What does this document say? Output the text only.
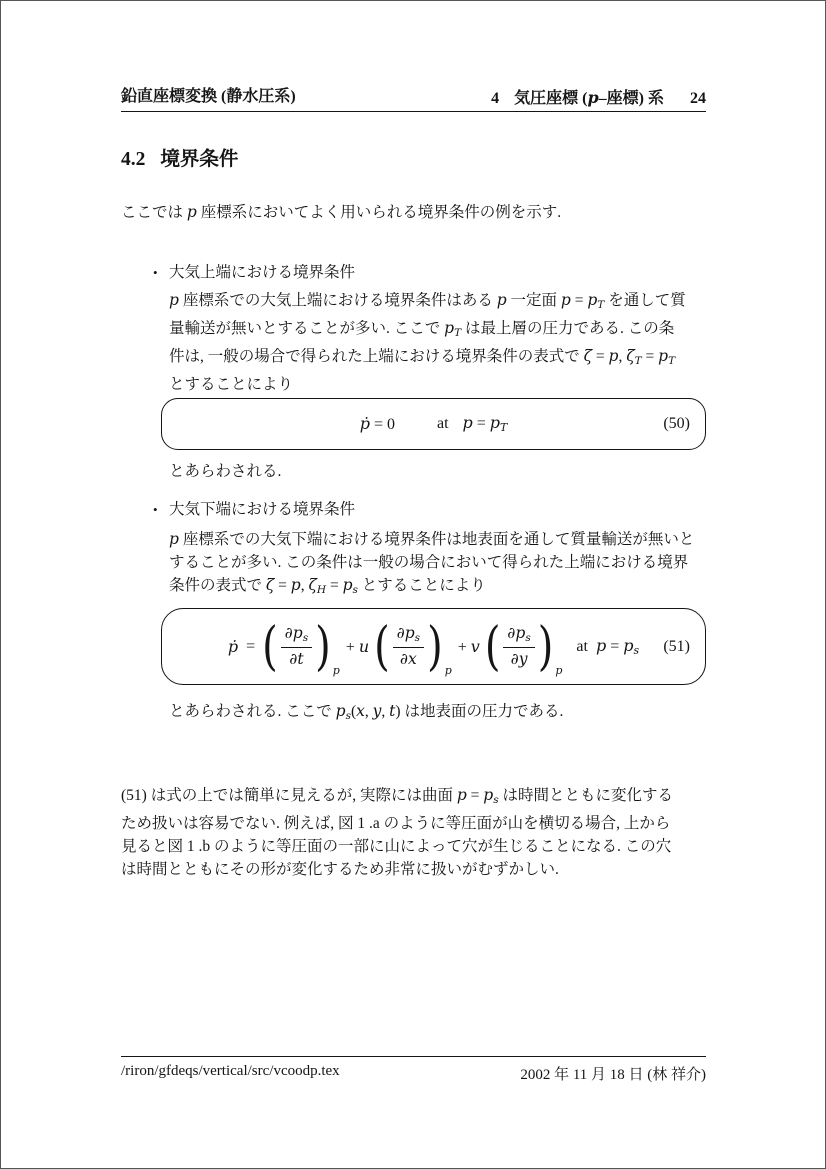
鉛直座標変換 (静水圧系)	4 気圧座標 (p–座標) 系 24
4.2 境界条件
ここでは p 座標系においてよく用いられる境界条件の例を示す.
• 大気上端における境界条件
p 座標系での大気上端における境界条件はある p 一定面 p = pT を通して質
量輸送が無いとすることが多い. ここで pT は最上層の圧力である. この条
件は, 一般の場合で得られた上端における境界条件の表式で ζ = p, ζT = pT
とすることにより
ṗ = 0	at p = pT	(50)
とあらわされる.
• 大気下端における境界条件
p 座標系での大気下端における境界条件は地表面を通して質量輸送が無いと
することが多い. この条件は一般の場合において得られた上端における境界
条件の表式で ζ = p, ζH = ps とすることにより
ṗ = ( $\frac{\partial ps}{\partial t}$ ) p
+ u ( $\frac{\partial ps}{\partial x}$ ) p
+ v ( $\frac{\partial ps}{\partial y}$ ) p
at p = ps (51)
とあらわされる. ここで ps(x, y, t) は地表面の圧力である.
(51) は式の上では簡単に見えるが, 実際には曲面 p = ps は時間とともに変化する
ため扱いは容易でない. 例えば, 図 1 .a のように等圧面が山を横切る場合, 上から
見ると図 1 .b のように等圧面の一部に山によって穴が生じることになる. この穴
は時間とともにその形が変化するため非常に扱いがむずかしい.
/riron/gfdeqs/vertical/src/vcoodp.tex	2002 年 11 月 18 日 (林 祥介)
